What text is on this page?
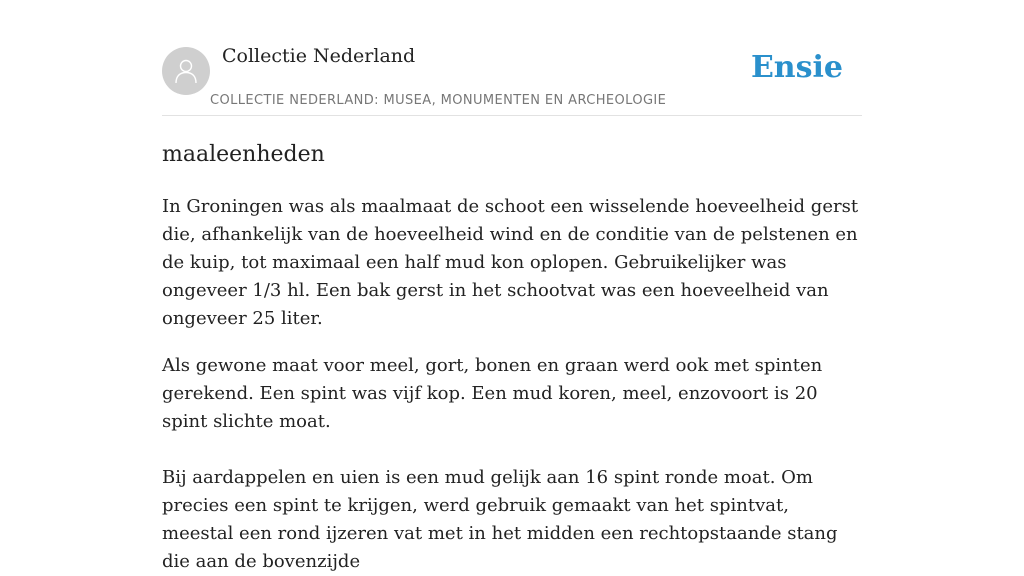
Collectie Nederland
COLLECTIE NEDERLAND: MUSEA, MONUMENTEN EN ARCHEOLOGIE
Ensie
maaleenheden

In Groningen was als maalmaat de schoot een wisselende hoeveelheid gerst die, afhankelijk van de hoeveelheid wind en de conditie van de pelstenen en de kuip, tot maximaal een half mud kon oplopen. Gebruikelijker was ongeveer 1/3 hl. Een bak gerst in het schootvat was een hoeveelheid van ongeveer 25 liter.

Als gewone maat voor meel, gort, bonen en graan werd ook met spinten gerekend. Een spint was vijf kop. Een mud koren, meel, enzovoort is 20 spint slichte moat.

Bij aardappelen en uien is een mud gelijk aan 16 spint ronde moat. Om precies een spint te krijgen, werd gebruik gemaakt van het spintvat, meestal een rond ijzeren vat met in het midden een rechtopstaande stang die aan de bovenzijde
